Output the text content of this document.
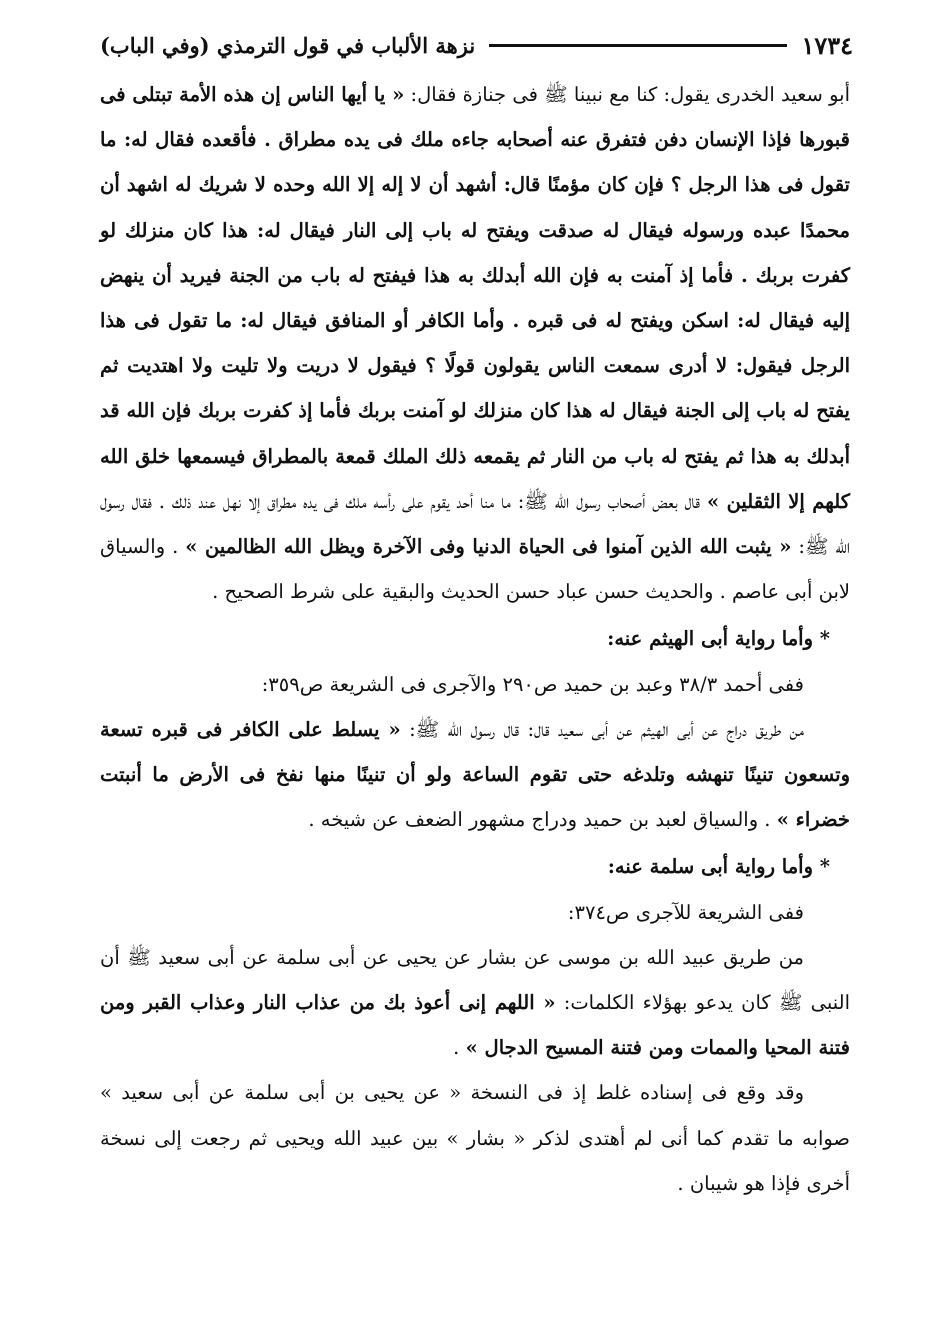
١٧٣٤
نزهة الألباب في قول الترمذي (وفي الباب)

أبو سعيد الخدرى يقول: كنا مع نبينا ﷺ فى جنازة فقال: « يا أيها الناس إن هذه الأمة تبتلى فى قبورها فإذا الإنسان دفن فتفرق عنه أصحابه جاءه ملك فى يده مطراق . فأقعده فقال له: ما تقول فى هذا الرجل ؟ فإن كان مؤمنًا قال: أشهد أن لا إله إلا الله وحده لا شريك له اشهد أن محمدًا عبده ورسوله فيقال له صدقت ويفتح له باب إلى النار فيقال له: هذا كان منزلك لو كفرت بربك . فأما إذ آمنت به فإن الله أبدلك به هذا فيفتح له باب من الجنة فيريد أن ينهض إليه فيقال له: اسكن ويفتح له فى قبره . وأما الكافر أو المنافق فيقال له: ما تقول فى هذا الرجل فيقول: لا أدرى سمعت الناس يقولون قولًا ؟ فيقول لا دريت ولا تليت ولا اهتديت ثم يفتح له باب إلى الجنة فيقال له هذا كان منزلك لو آمنت بربك فأما إذ كفرت بربك فإن الله قد أبدلك به هذا ثم يفتح له باب من النار ثم يقمعه ذلك الملك قمعة بالمطراق فيسمعها خلق الله كلهم إلا الثقلين » قال بعض أصحاب رسول الله ﷺ: ما منا أحد يقوم على رأسه ملك فى يده مطراق إلا نهل عند ذلك . فقال رسول الله ﷺ: « يثبت الله الذين آمنوا فى الحياة الدنيا وفى الآخرة ويظل الله الظالمين » . والسياق لابن أبى عاصم . والحديث حسن عباد حسن الحديث والبقية على شرط الصحيح .

* وأما رواية أبى الهيثم عنه:

ففى أحمد ٣٨/٣ وعبد بن حميد ص٢٩٠ والآجرى فى الشريعة ص٣٥٩:

من طريق دراج عن أبى الهيثم عن أبى سعيد قال: قال رسول الله ﷺ: « يسلط على الكافر فى قبره تسعة وتسعون تنينًا تنهشه وتلدغه حتى تقوم الساعة ولو أن تنينًا منها نفخ فى الأرض ما أنبتت خضراء » . والسياق لعبد بن حميد ودراج مشهور الضعف عن شيخه .

* وأما رواية أبى سلمة عنه:

ففى الشريعة للآجرى ص٣٧٤:

من طريق عبيد الله بن موسى عن بشار عن يحيى عن أبى سلمة عن أبى سعيد ﷺ أن النبى ﷺ كان يدعو بهؤلاء الكلمات: « اللهم إنى أعوذ بك من عذاب النار وعذاب القبر ومن فتنة المحيا والممات ومن فتنة المسيح الدجال » .

وقد وقع فى إسناده غلط إذ فى النسخة « عن يحيى بن أبى سلمة عن أبى سعيد » صوابه ما تقدم كما أنى لم أهتدى لذكر « بشار » بين عبيد الله ويحيى ثم رجعت إلى نسخة أخرى فإذا هو شيبان .
